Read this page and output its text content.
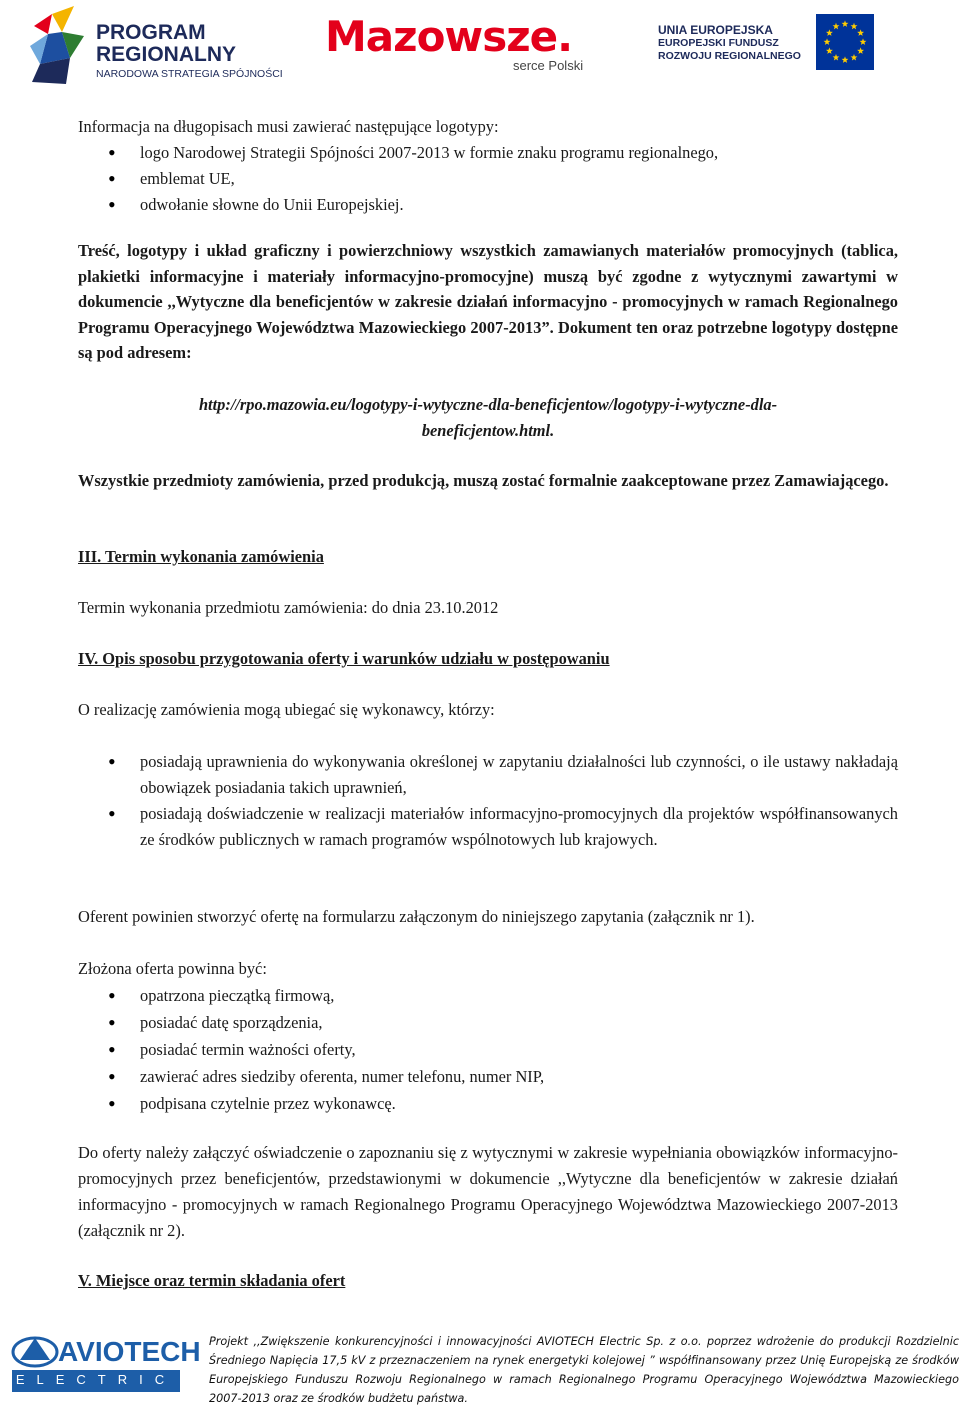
PROGRAM
REGIONALNY
NARODOWA STRATEGIA SPÓJNOŚCI
Mazowsze.
serce Polski
UNIA EUROPEJSKA
EUROPEJSKI FUNDUSZ
ROZWOJU REGIONALNEGO

Informacja na długopisach musi zawierać następujące logotypy:

• logo Narodowej Strategii Spójności 2007-2013 w formie znaku programu regionalnego,
• emblemat UE,
• odwołanie słowne do Unii Europejskiej.

Treść, logotypy i układ graficzny i powierzchniowy wszystkich zamawianych materiałów promocyjnych (tablica, plakietki informacyjne i materiały informacyjno-promocyjne) muszą być zgodne z wytycznymi zawartymi w dokumencie ,,Wytyczne dla beneficjentów w zakresie działań informacyjno - promocyjnych w ramach Regionalnego Programu Operacyjnego Województwa Mazowieckiego 2007-2013”. Dokument ten oraz potrzebne logotypy dostępne są pod adresem:

http://rpo.mazowia.eu/logotypy-i-wytyczne-dla-beneficjentow/logotypy-i-wytyczne-dla-
beneficjentow.html.

Wszystkie przedmioty zamówienia, przed produkcją, muszą zostać formalnie zaakceptowane przez Zamawiającego.

III. Termin wykonania zamówienia

Termin wykonania przedmiotu zamówienia: do dnia 23.10.2012

IV. Opis sposobu przygotowania oferty i warunków udziału w postępowaniu

O realizację zamówienia mogą ubiegać się wykonawcy, którzy:

• posiadają uprawnienia do wykonywania określonej w zapytaniu działalności lub czynności, o ile ustawy nakładają obowiązek posiadania takich uprawnień,
• posiadają doświadczenie w realizacji materiałów informacyjno-promocyjnych dla projektów współfinansowanych ze środków publicznych w ramach programów wspólnotowych lub krajowych.

Oferent powinien stworzyć ofertę na formularzu załączonym do niniejszego zapytania (załącznik nr 1).

Złożona oferta powinna być:

• opatrzona pieczątką firmową,
• posiadać datę sporządzenia,
• posiadać termin ważności oferty,
• zawierać adres siedziby oferenta, numer telefonu, numer NIP,
• podpisana czytelnie przez wykonawcę.

Do oferty należy załączyć oświadczenie o zapoznaniu się z wytycznymi w zakresie wypełniania obowiązków informacyjno-promocyjnych przez beneficjentów, przedstawionymi w dokumencie ,,Wytyczne dla beneficjentów w zakresie działań informacyjno - promocyjnych w ramach Regionalnego Programu Operacyjnego Województwa Mazowieckiego 2007-2013 (załącznik nr 2).

V. Miejsce oraz termin składania ofert

AVIOTECH
ELECTRIC
Projekt ,,Zwiększenie konkurencyjności i innowacyjności AVIOTECH Electric Sp. z o.o. poprzez wdrożenie do produkcji Rozdzielnic Średniego Napięcia 17,5 kV z przeznaczeniem na rynek energetyki kolejowej ” współfinansowany przez Unię Europejską ze środków Europejskiego Funduszu Rozwoju Regionalnego w ramach Regionalnego Programu Operacyjnego Województwa Mazowieckiego 2007-2013 oraz ze środków budżetu państwa.
